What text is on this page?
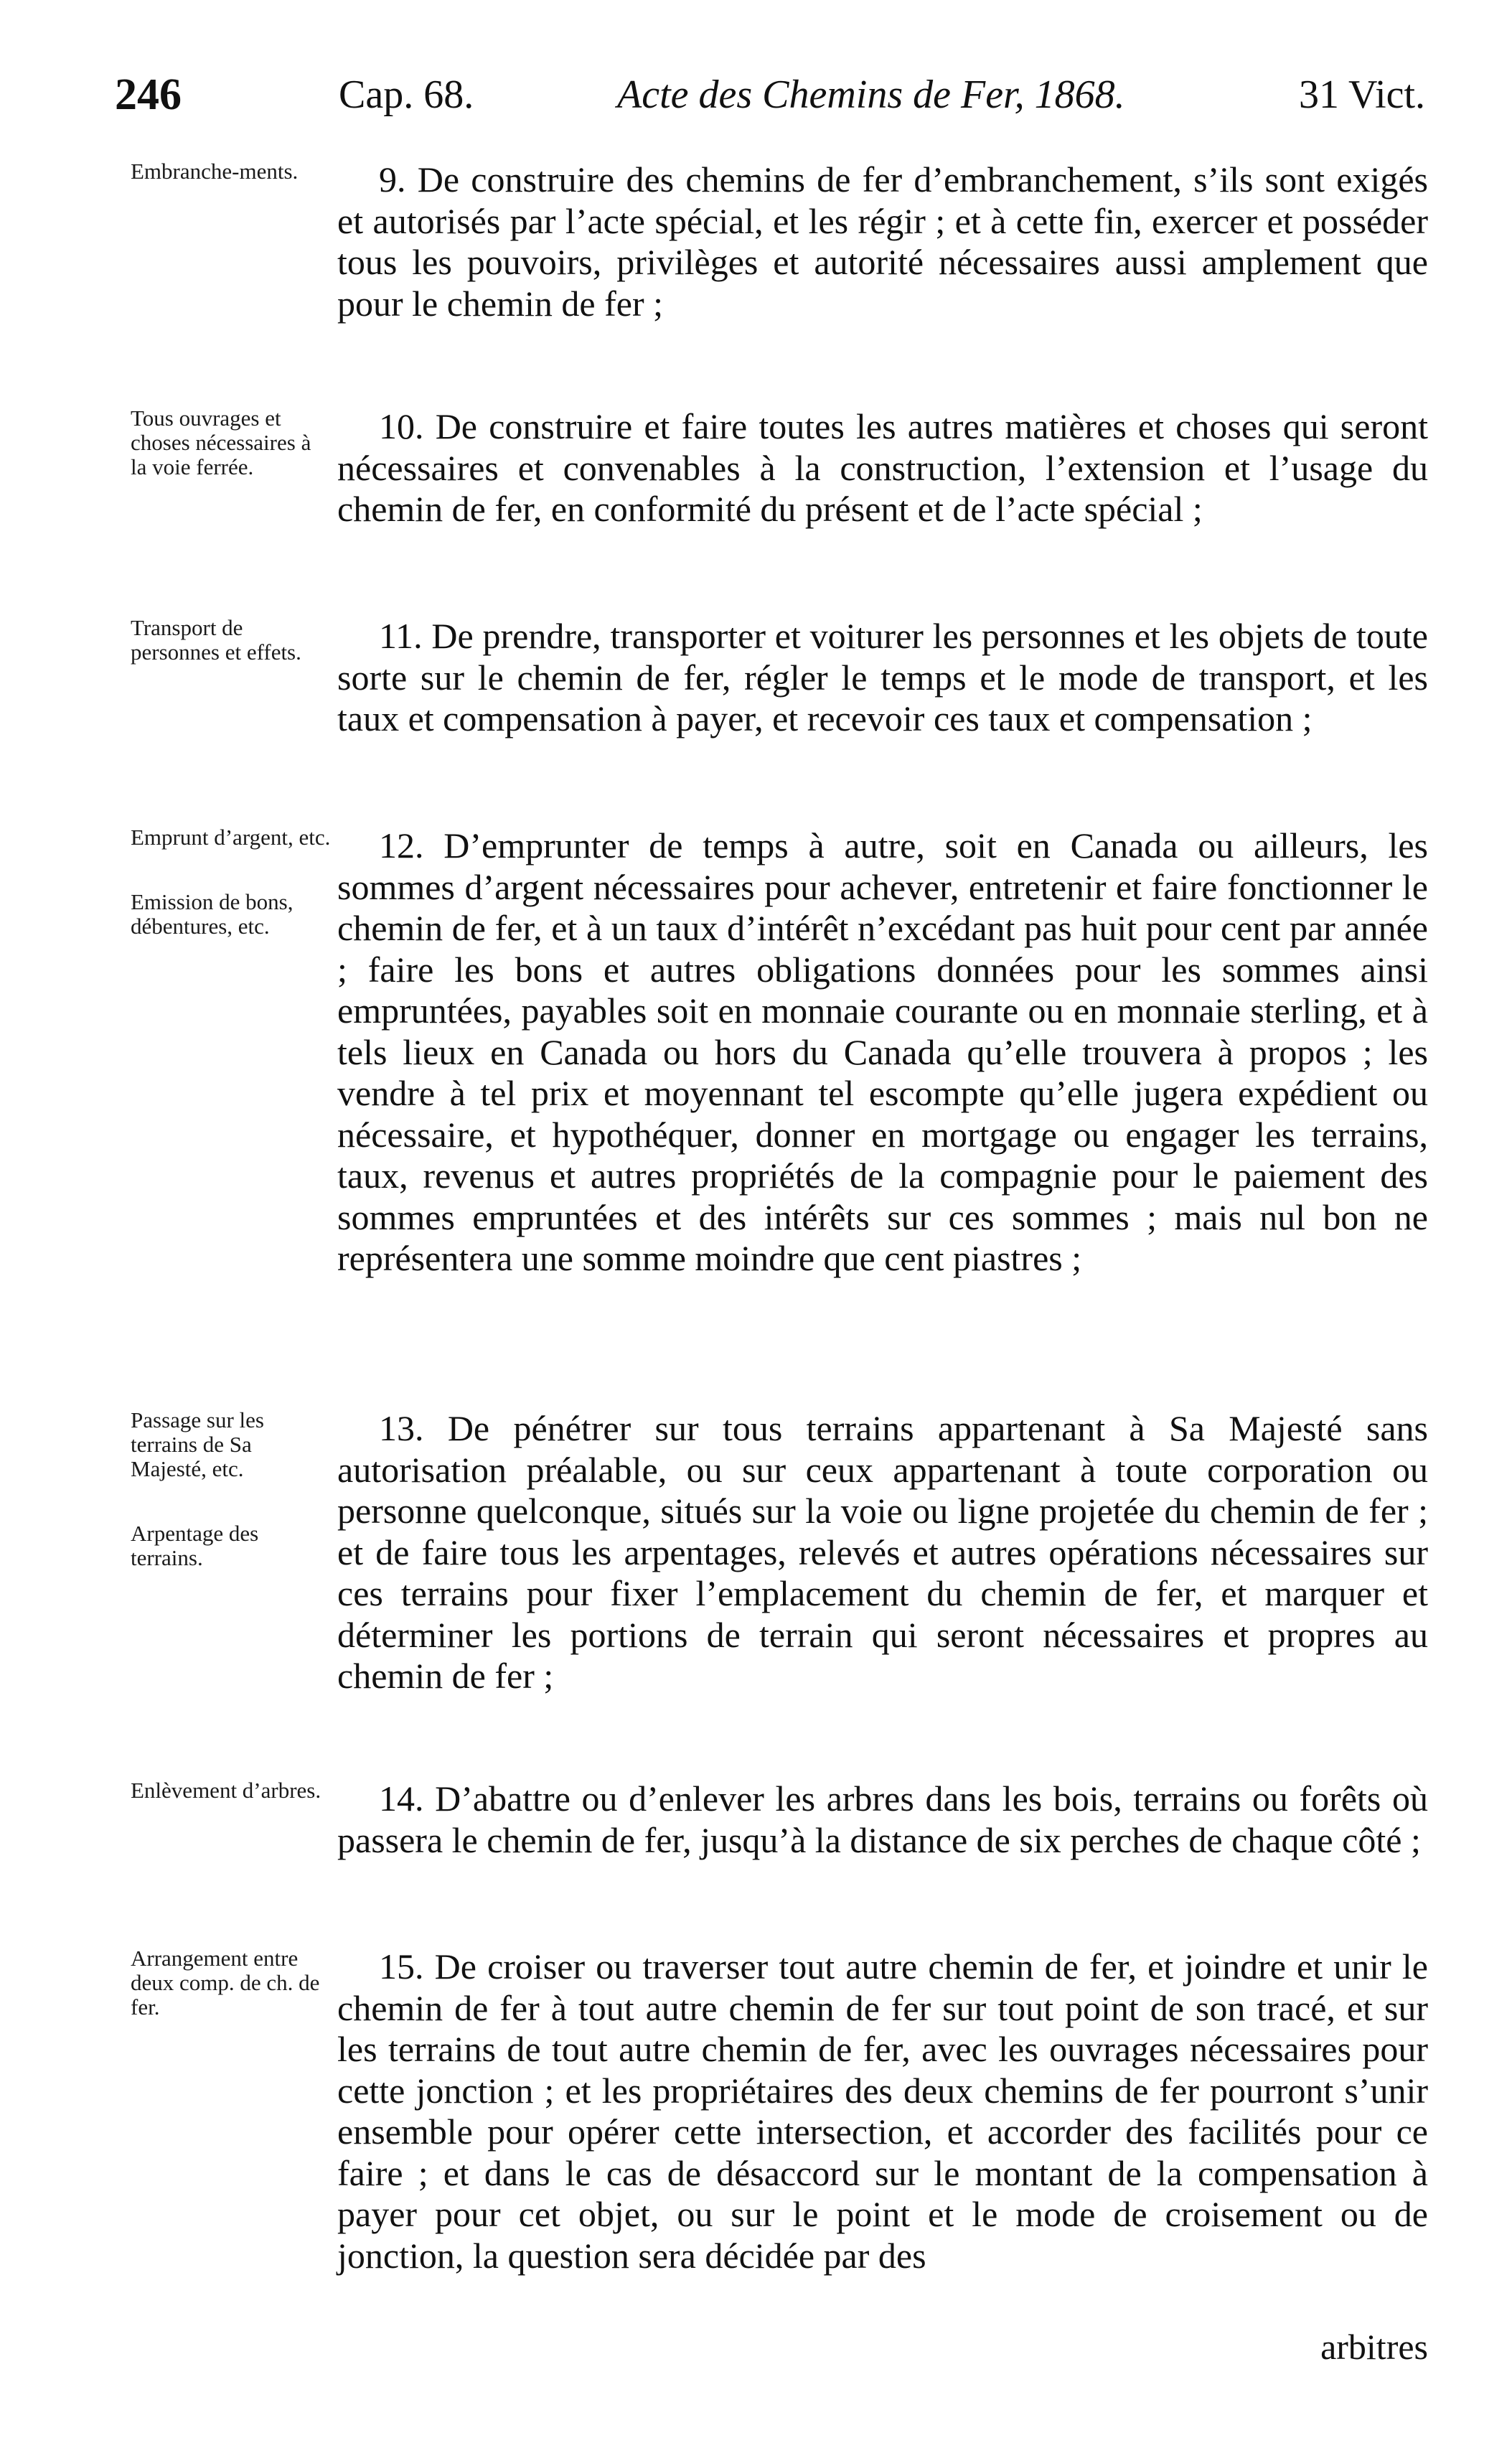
246	Cap. 68.	Acte des Chemins de Fer, 1868.	31 Vict.
Embranche-ments.	9. De construire des chemins de fer d’embranchement, s’ils sont exigés et autorisés par l’acte spécial, et les régir ; et à cette fin, exercer et posséder tous les pouvoirs, privilèges et autorité nécessaires aussi amplement que pour le chemin de fer ;
Tous ouvrages et choses nécessaires à la voie ferrée.
10. De construire et faire toutes les autres matières et choses qui seront nécessaires et convenables à la construction, l’extension et l’usage du chemin de fer, en conformité du présent et de l’acte spécial ;
Transport de personnes et effets.	11. De prendre, transporter et voiturer les personnes et les objets de toute sorte sur le chemin de fer, régler le temps et le mode de transport, et les taux et compensation à payer, et recevoir ces taux et compensation ;
Emprunt d’argent, etc.
Emission de bons, débentures, etc.
12. D’emprunter de temps à autre, soit en Canada ou ailleurs, les sommes d’argent nécessaires pour achever, entretenir et faire fonctionner le chemin de fer, et à un taux d’intérêt n’excédant pas huit pour cent par année ; faire les bons et autres obligations données pour les sommes ainsi empruntées, payables soit en monnaie courante ou en monnaie sterling, et à tels lieux en Canada ou hors du Canada qu’elle trouvera à propos ; les vendre à tel prix et moyennant tel escompte qu’elle jugera expédient ou nécessaire, et hypothéquer, donner en mortgage ou engager les terrains, taux, revenus et autres propriétés de la compagnie pour le paiement des sommes empruntées et des intérêts sur ces sommes ; mais nul bon ne représentera une somme moindre que cent piastres ;
Passage sur les terrains de Sa Majesté, etc.
Arpentage des terrains.
13. De pénétrer sur tous terrains appartenant à Sa Majesté sans autorisation préalable, ou sur ceux appartenant à toute corporation ou personne quelconque, situés sur la voie ou ligne projetée du chemin de fer ; et de faire tous les arpentages, relevés et autres opérations nécessaires sur ces terrains pour fixer l’emplacement du chemin de fer, et marquer et déterminer les portions de terrain qui seront nécessaires et propres au chemin de fer ;
Enlèvement d’arbres.	14. D’abattre ou d’enlever les arbres dans les bois, terrains ou forêts où passera le chemin de fer, jusqu’à la distance de six perches de chaque côté ;
Arrangement entre deux comp. de ch. de fer.
15. De croiser ou traverser tout autre chemin de fer, et joindre et unir le chemin de fer à tout autre chemin de fer sur tout point de son tracé, et sur les terrains de tout autre chemin de fer, avec les ouvrages nécessaires pour cette jonction ; et les propriétaires des deux chemins de fer pourront s’unir ensemble pour opérer cette intersection, et accorder des facilités pour ce faire ; et dans le cas de désaccord sur le montant de la compensation à payer pour cet objet, ou sur le point et le mode de croisement ou de jonction, la question sera décidée par des
arbitres
